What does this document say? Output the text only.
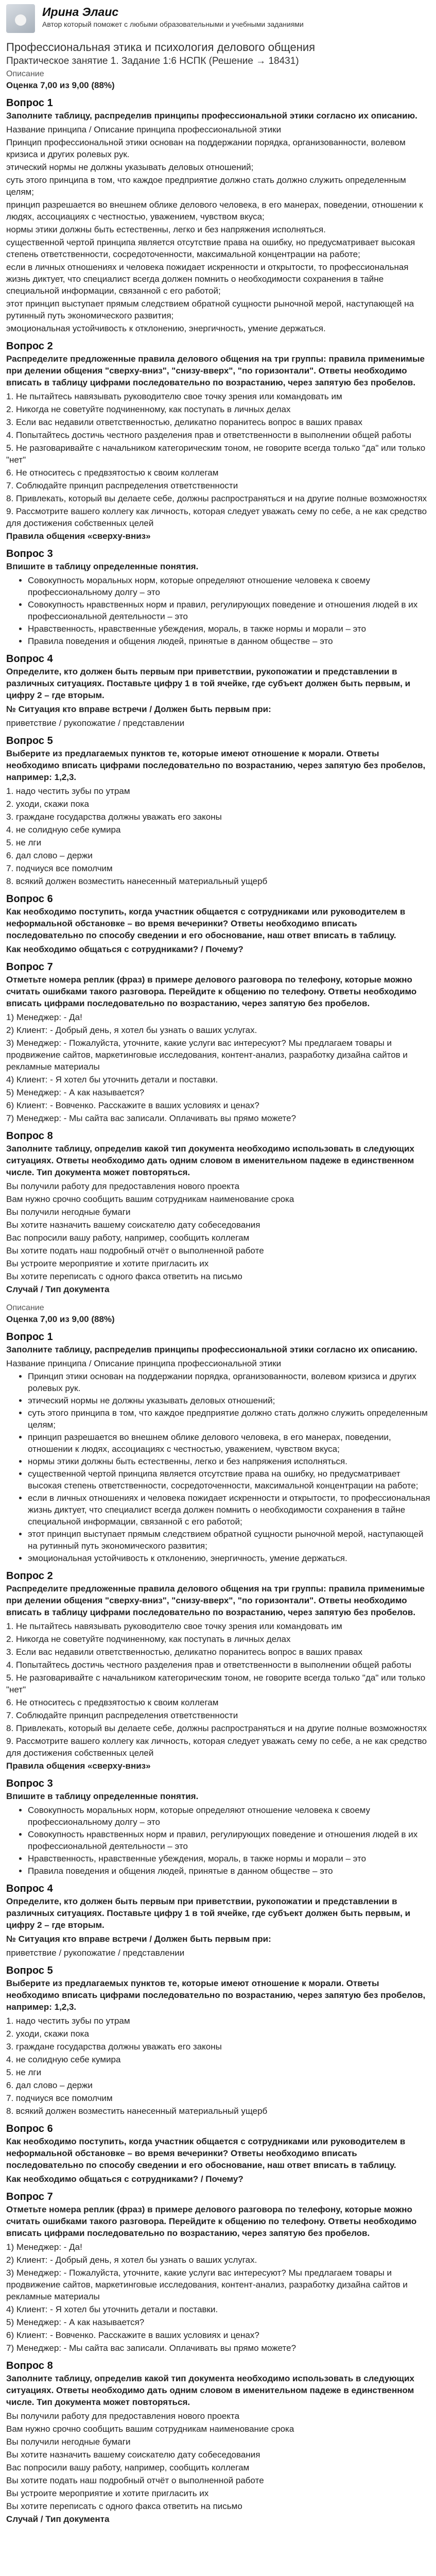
Ирина Элаис
Автор который поможет с любыми образовательными и учебными заданиями
Профессиональная этика и психология делового общения
Практическое занятие 1. Задание 1:6 НСПК (Решение → 18431)
Описание
Оценка 7,00 из 9,00 (88%)
Вопрос 1
Заполните таблицу, распределив принципы профессиональной этики согласно их описанию.
Название принципа / Описание принципа профессиональной этики
Принцип профессиональной этики основан на поддержании порядка, организованности, волевом кризиса и других ролевых рук.
этический нормы не должны указывать деловых отношений;
суть этого принципа в том, что каждое предприятие должно стать должно служить определенным целям;
принцип разрешается во внешнем облике делового человека, в его манерах, поведении, отношении к людях, ассоциациях с честностью, уважением, чувством вкуса;
нормы этики должны быть естественны, легко и без напряжения исполняться.
существенной чертой принципа является отсутствие права на ошибку, но предусматривает высокая степень ответственности, сосредоточенности, максимальной концентрации на работе;
если в личных отношениях и человека пожидает искренности и открытости, то профессиональная жизнь диктует, что специалист всегда должен помнить о необходимости сохранения в тайне специальной информации, связанной с его работой;
этот принцип выступает прямым следствием обратной сущности рыночной мерой, наступающей на рутинный путь экономического развития;
эмоциональная устойчивость к отклонению, энергичность, умение держаться.
Вопрос 2
Распределите предложенные правила делового общения на три группы: правила применимые при делении общения "сверху-вниз", "снизу-вверх", "по горизонтали". Ответы необходимо вписать в таблицу цифрами последовательно по возрастанию, через запятую без пробелов.
1. Не пытайтесь навязывать руководителю свое точку зрения или командовать им
2. Никогда не советуйте подчиненному, как поступать в личных делах
3. Если вас недавили ответственностью, деликатно поранитесь вопрос в ваших правах
4. Попытайтесь достичь честного разделения прав и ответственности в выполнении общей работы
5. Не разговаривайте с начальником категорическим тоном, не говорите всегда только "да" или только "нет"
6. Не относитесь с предвзятостью к своим коллегам
7. Соблюдайте принцип распределения ответственности
8. Привлекать, который вы делаете себе, должны распространяться и на другие полные возможностях
9. Рассмотрите вашего коллегу как личность, которая следует уважать сему по себе, а не как средство для достижения собственных целей
Правила общения «сверху-вниз»
Вопрос 3
Впишите в таблицу определенные понятия.
• Совокупность моральных норм, которые определяют отношение человека к своему профессиональному долгу – это
• Совокупность нравственных норм и правил, регулирующих поведение и отношения людей в их профессиональной деятельности – это
• Нравственность, нравственные убеждения, мораль, в также нормы и морали – это
• Правила поведения и общения людей, принятые в данном обществе – это
Вопрос 4
Определите, кто должен быть первым при приветствии, рукопожатии и представлении в различных ситуациях. Поставьте цифру 1 в той ячейке, где субъект должен быть первым, и цифру 2 – где вторым.
№ Ситуация кто вправе встречи / Должен быть первым при:
приветствие / рукопожатие / представлении
Вопрос 5
Выберите из предлагаемых пунктов те, которые имеют отношение к морали. Ответы необходимо вписать цифрами последовательно по возрастанию, через запятую без пробелов, например: 1,2,3.
1. надо честить зубы по утрам
2. уходи, скажи пока
3. граждане государства должны уважать его законы
4. не солидную себе кумира
5. не лги
6. дал слово – держи
7. подчиуся все помолчим
8. всякий должен возместить нанесенный материальный ущерб
Вопрос 6
Как необходимо поступить, когда участник общается с сотрудниками или руководителем в неформальной обстановке – во время вечеринки? Ответы необходимо вписать последовательно по способу сведении и его обоснование, наш ответ вписать в таблицу.
Как необходимо общаться с сотрудниками? / Почему?
Вопрос 7
Отметьте номера реплик (фраз) в примере делового разговора по телефону, которые можно считать ошибками такого разговора. Перейдите к общению по телефону. Ответы необходимо вписать цифрами последовательно по возрастанию, через запятую без пробелов.
1) Менеджер: - Да!
2) Клиент: - Добрый день, я хотел бы узнать о ваших услугах.
3) Менеджер: - Пожалуйста, уточните, какие услуги вас интересуют? Мы предлагаем товары и продвижение сайтов, маркетинговые исследования, контент-анализ, разработку дизайна сайтов и рекламные материалы
4) Клиент: - Я хотел бы уточнить детали и поставки.
5) Менеджер: - А как называется?
6) Клиент: - Вовченко. Расскажите в ваших условиях и ценах?
7) Менеджер: - Мы сайта вас записали. Оплачивать вы прямо можете?
Вопрос 8
Заполните таблицу, определив какой тип документа необходимо использовать в следующих ситуациях. Ответы необходимо дать одним словом в именительном падеже в единственном числе. Тип документа может повторяться.
Вы получили работу для предоставления нового проекта
Вам нужно срочно сообщить вашим сотрудникам наименование срока
Вы получили негодные бумаги
Вы хотите назначить вашему соискателю дату собеседования
Вас попросили вашу работу, например, сообщить коллегам
Вы хотите подать наш подробный отчёт о выполненной работе
Вы устроите мероприятие и хотите пригласить их
Вы хотите переписать с одного факса ответить на письмо
Случай / Тип документа
Описание
Оценка 7,00 из 9,00 (88%)
Вопрос 1
Заполните таблицу, распределив принципы профессиональной этики согласно их описанию.
Название принципа / Описание принципа профессиональной этики
• Принцип этики основан на поддержании порядка, организованности, волевом кризиса и других ролевых рук.
• этический нормы не должны указывать деловых отношений;
• суть этого принципа в том, что каждое предприятие должно стать должно служить определенным целям;
• принцип разрешается во внешнем облике делового человека, в его манерах, поведении, отношении к людях, ассоциациях с честностью, уважением, чувством вкуса;
• нормы этики должны быть естественны, легко и без напряжения исполняться.
• существенной чертой принципа является отсутствие права на ошибку, но предусматривает высокая степень ответственности, сосредоточенности, максимальной концентрации на работе;
• если в личных отношениях и человека пожидает искренности и открытости, то профессиональная жизнь диктует, что специалист всегда должен помнить о необходимости сохранения в тайне специальной информации, связанной с его работой;
• этот принцип выступает прямым следствием обратной сущности рыночной мерой, наступающей на рутинный путь экономического развития;
• эмоциональная устойчивость к отклонению, энергичность, умение держаться.
Вопрос 2
Распределите предложенные правила делового общения на три группы: правила применимые при делении общения "сверху-вниз", "снизу-вверх", "по горизонтали". Ответы необходимо вписать в таблицу цифрами последовательно по возрастанию, через запятую без пробелов.
1. Не пытайтесь навязывать руководителю свое точку зрения или командовать им
2. Никогда не советуйте подчиненному, как поступать в личных делах
3. Если вас недавили ответственностью, деликатно поранитесь вопрос в ваших правах
4. Попытайтесь достичь честного разделения прав и ответственности в выполнении общей работы
5. Не разговаривайте с начальником категорическим тоном, не говорите всегда только "да" или только "нет"
6. Не относитесь с предвзятостью к своим коллегам
7. Соблюдайте принцип распределения ответственности
8. Привлекать, который вы делаете себе, должны распространяться и на другие полные возможностях
9. Рассмотрите вашего коллегу как личность, которая следует уважать сему по себе, а не как средство для достижения собственных целей
Правила общения «сверху-вниз»
Вопрос 3
Впишите в таблицу определенные понятия.
• Совокупность моральных норм, которые определяют отношение человека к своему профессиональному долгу – это
• Совокупность нравственных норм и правил, регулирующих поведение и отношения людей в их профессиональной деятельности – это
• Нравственность, нравственные убеждения, мораль, в также нормы и морали – это
• Правила поведения и общения людей, принятые в данном обществе – это
Вопрос 4
Определите, кто должен быть первым при приветствии, рукопожатии и представлении в различных ситуациях. Поставьте цифру 1 в той ячейке, где субъект должен быть первым, и цифру 2 – где вторым.
№ Ситуация кто вправе встречи / Должен быть первым при:
приветствие / рукопожатие / представлении
Вопрос 5
Выберите из предлагаемых пунктов те, которые имеют отношение к морали. Ответы необходимо вписать цифрами последовательно по возрастанию, через запятую без пробелов, например: 1,2,3.
1. надо честить зубы по утрам
2. уходи, скажи пока
3. граждане государства должны уважать его законы
4. не солидную себе кумира
5. не лги
6. дал слово – держи
7. подчиуся все помолчим
8. всякий должен возместить нанесенный материальный ущерб
Вопрос 6
Как необходимо поступить, когда участник общается с сотрудниками или руководителем в неформальной обстановке – во время вечеринки? Ответы необходимо вписать последовательно по способу сведении и его обоснование, наш ответ вписать в таблицу.
Как необходимо общаться с сотрудниками? / Почему?
Вопрос 7
Отметьте номера реплик (фраз) в примере делового разговора по телефону, которые можно считать ошибками такого разговора. Перейдите к общению по телефону. Ответы необходимо вписать цифрами последовательно по возрастанию, через запятую без пробелов.
1) Менеджер: - Да!
2) Клиент: - Добрый день, я хотел бы узнать о ваших услугах.
3) Менеджер: - Пожалуйста, уточните, какие услуги вас интересуют? Мы предлагаем товары и продвижение сайтов, маркетинговые исследования, контент-анализ, разработку дизайна сайтов и рекламные материалы
4) Клиент: - Я хотел бы уточнить детали и поставки.
5) Менеджер: - А как называется?
6) Клиент: - Вовченко. Расскажите в ваших условиях и ценах?
7) Менеджер: - Мы сайта вас записали. Оплачивать вы прямо можете?
Вопрос 8
Заполните таблицу, определив какой тип документа необходимо использовать в следующих ситуациях. Ответы необходимо дать одним словом в именительном падеже в единственном числе. Тип документа может повторяться.
Вы получили работу для предоставления нового проекта
Вам нужно срочно сообщить вашим сотрудникам наименование срока
Вы получили негодные бумаги
Вы хотите назначить вашему соискателю дату собеседования
Вас попросили вашу работу, например, сообщить коллегам
Вы хотите подать наш подробный отчёт о выполненной работе
Вы устроите мероприятие и хотите пригласить их
Вы хотите переписать с одного факса ответить на письмо
Случай / Тип документа
